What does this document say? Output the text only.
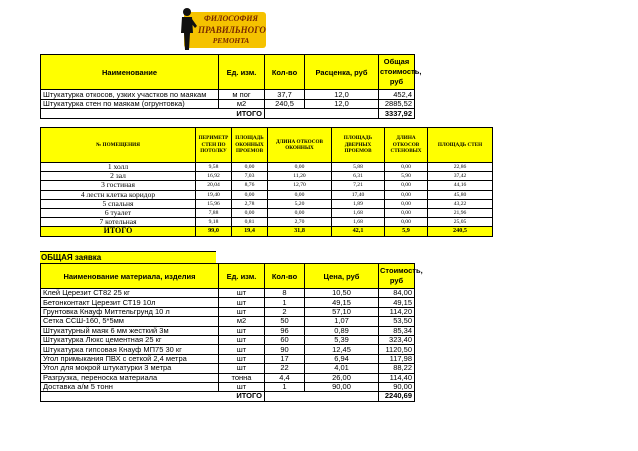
ФИЛОСОФИЯ
ПРАВИЛЬНОГО
РЕМОНТА
Наименование	Ед. изм.	Кол-во	Расценка, руб	Общая стоимость, руб
Штукатурка откосов, узких участков по маякам	м пог	37,7	12,0	452,4
Штукатурка стен по маякам (огрунтовка)	м2	240,5	12,0	2885,52
ИТОГО				3337,92
№ ПОМЕЩЕНИЯ	ПЕРИМЕТР СТЕН ПО ПОТОЛКУ	ПЛОЩАДЬ ОКОННЫХ ПРОЕМОВ	ДЛИНА ОТКОСОВ ОКОННЫХ	ПЛОЩАДЬ ДВЕРНЫХ ПРОЕМОВ	ДЛИНА ОТКОСОВ СТЕНОВЫХ	ПЛОЩАДЬ СТЕН
1 холл	9,58	0,00	0,00	5,88	0,00	22,86
2 зал	16,92	7,03	11,20	6,31	5,90	37,42
3 гостиная	20,04	8,76	12,70	7,21	0,00	44,16
4 лестн клетка коридор	19,40	0,00	0,00	17,40	0,00	45,80
5 спальня	15,96	2,78	5,20	1,89	0,00	43,22
6 туалет	7,88	0,00	0,00	1,68	0,00	21,96
7 котельная	9,18	0,81	2,70	1,68	0,00	25,05
ИТОГО	99,0	19,4	31,8	42,1	5,9	240,5
ОБЩАЯ заявка
Наименование материала, изделия	Ед. изм.	Кол-во	Цена, руб	Стоимость, руб
Клей Церезит СТ82 25 кг	шт	8	10,50	84,00
Бетонконтакт Церезит СТ19 10л	шт	1	49,15	49,15
Грунтовка Кнауф Миттельгрунд 10 л	шт	2	57,10	114,20
Сетка ССШ-160, 5*5мм	м2	50	1,07	53,50
Штукатурный маяк 6 мм жесткий 3м	шт	96	0,89	85,34
Штукатурка Люкс цементная 25 кг	шт	60	5,39	323,40
Штукатурка гипсовая Кнауф МП75 30 кг	шт	90	12,45	1120,50
Угол примыкания ПВХ с сеткой 2,4 метра	шт	17	6,94	117,98
Угол для мокрой штукатурки 3 метра	шт	22	4,01	88,22
Разгрузка, переноска материала	тонна	4,4	26,00	114,40
Доставка а/м 5 тонн	шт	1	90,00	90,00
ИТОГО				2240,69
